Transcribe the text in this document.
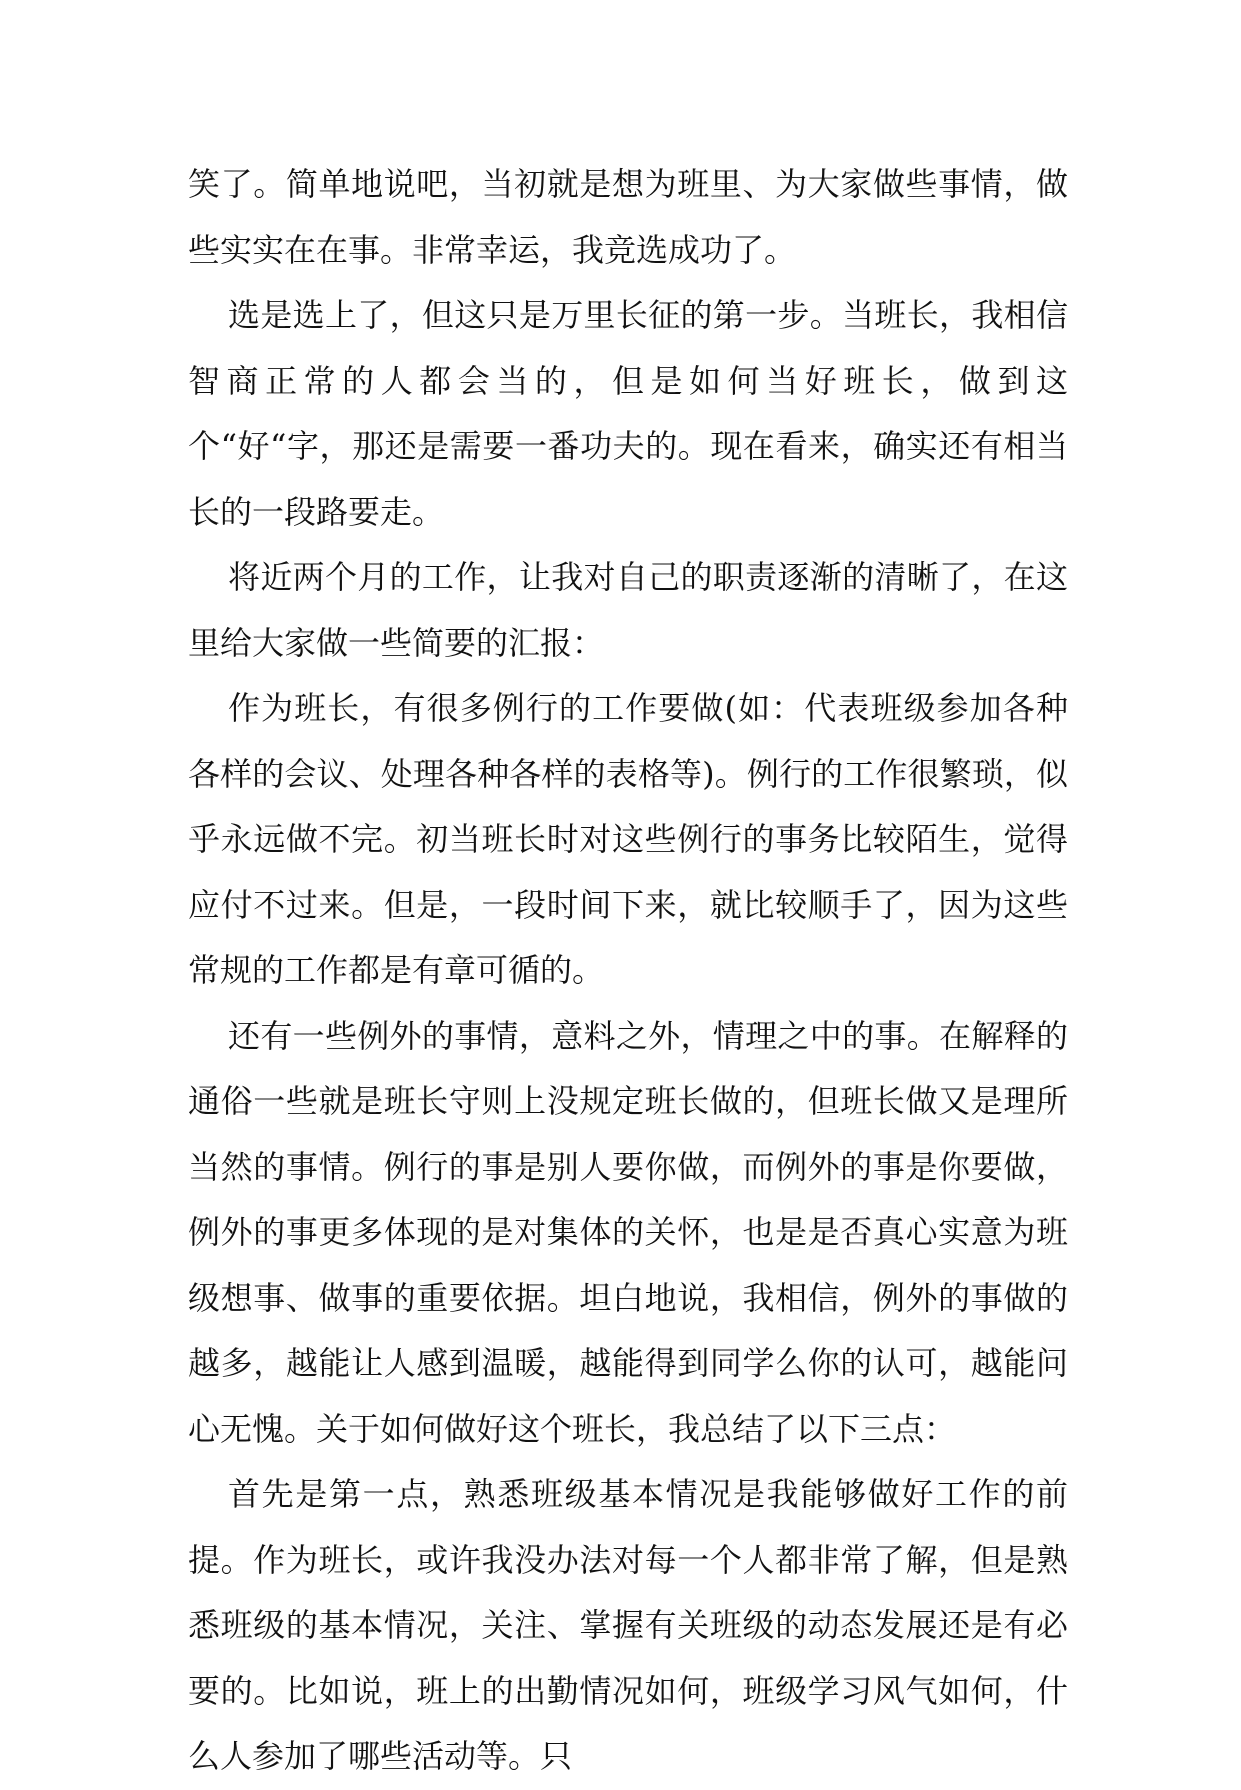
笑了。简单地说吧，当初就是想为班里、为大家做些事情，做些实实在在事。非常幸运，我竞选成功了。

选是选上了，但这只是万里长征的第一步。当班长，我相信智商正常的人都会当的，但是如何当好班长，做到这个“好“字，那还是需要一番功夫的。现在看来，确实还有相当长的一段路要走。

将近两个月的工作，让我对自己的职责逐渐的清晰了，在这里给大家做一些简要的汇报：

作为班长，有很多例行的工作要做(如：代表班级参加各种各样的会议、处理各种各样的表格等)。例行的工作很繁琐，似乎永远做不完。初当班长时对这些例行的事务比较陌生，觉得应付不过来。但是，一段时间下来，就比较顺手了，因为这些常规的工作都是有章可循的。

还有一些例外的事情，意料之外，情理之中的事。在解释的通俗一些就是班长守则上没规定班长做的，但班长做又是理所当然的事情。例行的事是别人要你做，而例外的事是你要做，例外的事更多体现的是对集体的关怀，也是是否真心实意为班级想事、做事的重要依据。坦白地说，我相信，例外的事做的越多，越能让人感到温暖，越能得到同学么你的认可，越能问心无愧。关于如何做好这个班长，我总结了以下三点：

首先是第一点，熟悉班级基本情况是我能够做好工作的前提。作为班长，或许我没办法对每一个人都非常了解，但是熟悉班级的基本情况，关注、掌握有关班级的动态发展还是有必要的。比如说，班上的出勤情况如何，班级学习风气如何，什么人参加了哪些活动等。只
